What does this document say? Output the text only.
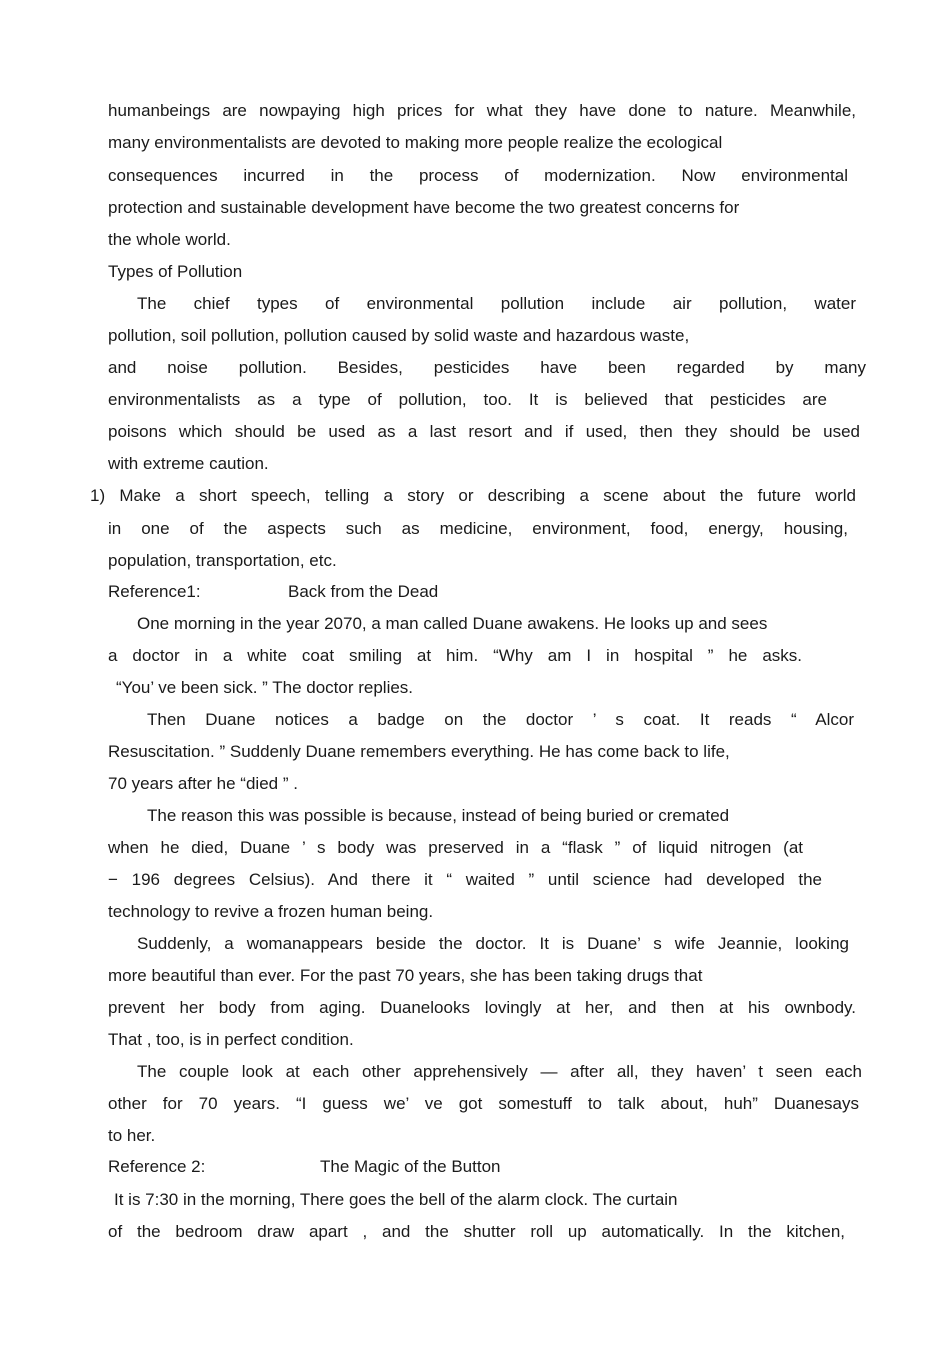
humanbeings are nowpaying high prices for what they have done to nature. Meanwhile,
many environmentalists are devoted to making more people realize the ecological
consequences incurred in the process of modernization. Now environmental
protection and sustainable development have become the two greatest concerns for
the whole world.
Types of Pollution
The chief types of environmental pollution include air pollution, water
pollution, soil pollution, pollution caused by solid waste and hazardous waste,
and noise pollution. Besides, pesticides have been regarded by many
environmentalists as a type of pollution, too. It is believed that pesticides are
poisons which should be used as a last resort and if used, then they should be used
with extreme caution.
1) Make a short speech, telling a story or describing a scene about the future world
in one of the aspects such as medicine, environment, food, energy, housing,
population, transportation, etc.
Reference1:	Back from the Dead
One morning in the year 2070, a man called Duane awakens. He looks up and sees
a doctor in a white coat smiling at him. “Why am I in hospital ” he asks.
“You’ ve been sick. ” The doctor replies.
Then Duane notices a badge on the doctor ’ s coat. It reads “ Alcor
Resuscitation. ” Suddenly Duane remembers everything. He has come back to life,
70 years after he “died ” .
The reason this was possible is because, instead of being buried or cremated
when he died, Duane ’ s body was preserved in a “flask ” of liquid nitrogen (at
− 196 degrees Celsius). And there it “ waited ” until science had developed the
technology to revive a frozen human being.
Suddenly, a womanappears beside the doctor. It is Duane’ s wife Jeannie, looking
more beautiful than ever. For the past 70 years, she has been taking drugs that
prevent her body from aging. Duanelooks lovingly at her, and then at his ownbody.
That , too, is in perfect condition.
The couple look at each other apprehensively — after all, they haven’ t seen each
other for 70 years. “I guess we’ ve got somestuff to talk about, huh” Duanesays
to her.
Reference 2:	The Magic of the Button
It is 7:30 in the morning, There goes the bell of the alarm clock. The curtain
of the bedroom draw apart , and the shutter roll up automatically. In the kitchen,
